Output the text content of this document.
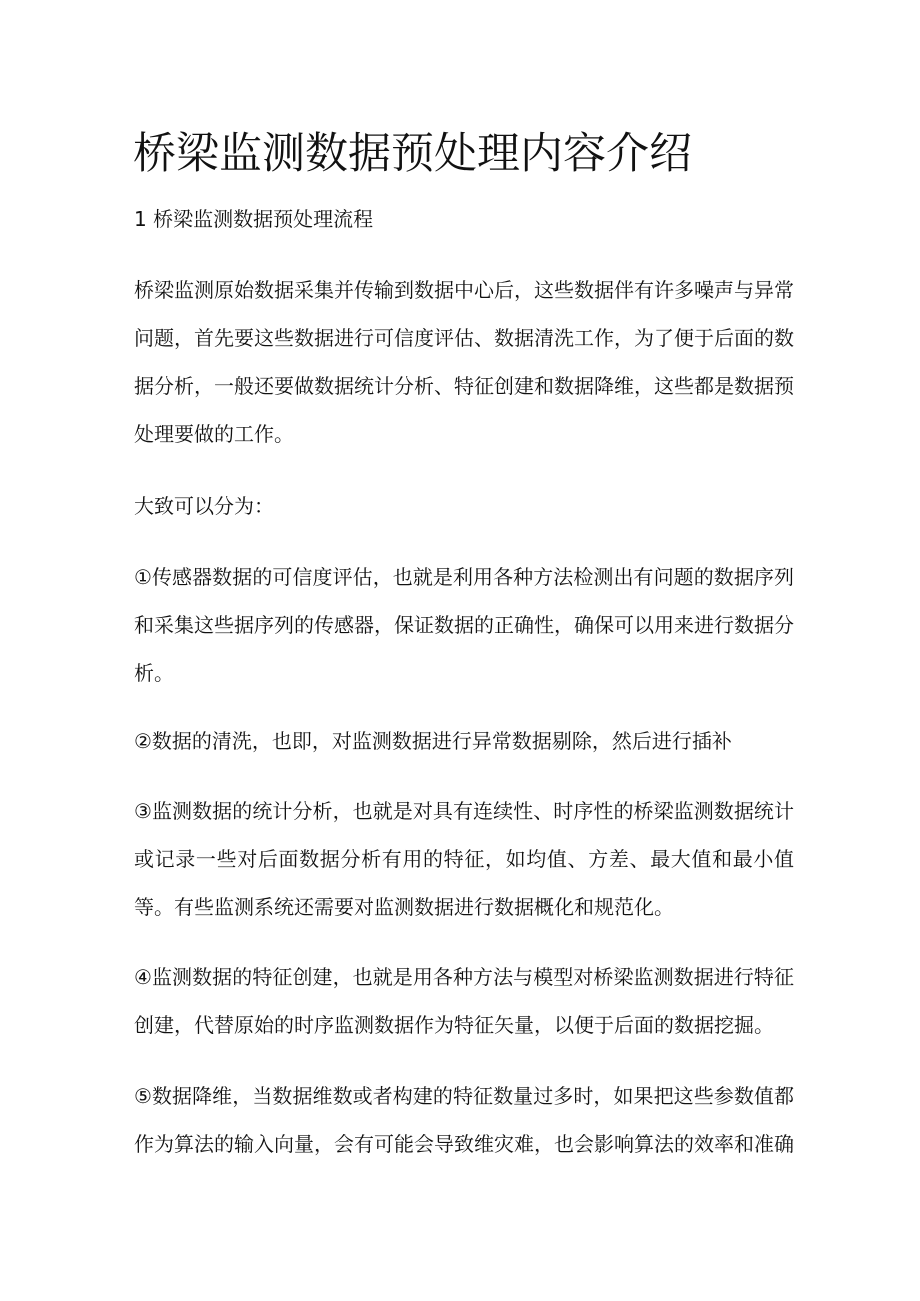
桥梁监测数据预处理内容介绍
1 桥梁监测数据预处理流程

桥梁监测原始数据采集并传输到数据中心后，这些数据伴有许多噪声与异常问题，首先要这些数据进行可信度评估、数据清洗工作，为了便于后面的数据分析，一般还要做数据统计分析、特征创建和数据降维，这些都是数据预处理要做的工作。

大致可以分为：

①传感器数据的可信度评估，也就是利用各种方法检测出有问题的数据序列和采集这些据序列的传感器，保证数据的正确性，确保可以用来进行数据分析。

②数据的清洗，也即，对监测数据进行异常数据剔除，然后进行插补

③监测数据的统计分析，也就是对具有连续性、时序性的桥梁监测数据统计或记录一些对后面数据分析有用的特征，如均值、方差、最大值和最小值等。有些监测系统还需要对监测数据进行数据概化和规范化。

④监测数据的特征创建，也就是用各种方法与模型对桥梁监测数据进行特征创建，代替原始的时序监测数据作为特征矢量，以便于后面的数据挖掘。

⑤数据降维，当数据维数或者构建的特征数量过多时，如果把这些参数值都作为算法的输入向量，会有可能会导致维灾难，也会影响算法的效率和准确
